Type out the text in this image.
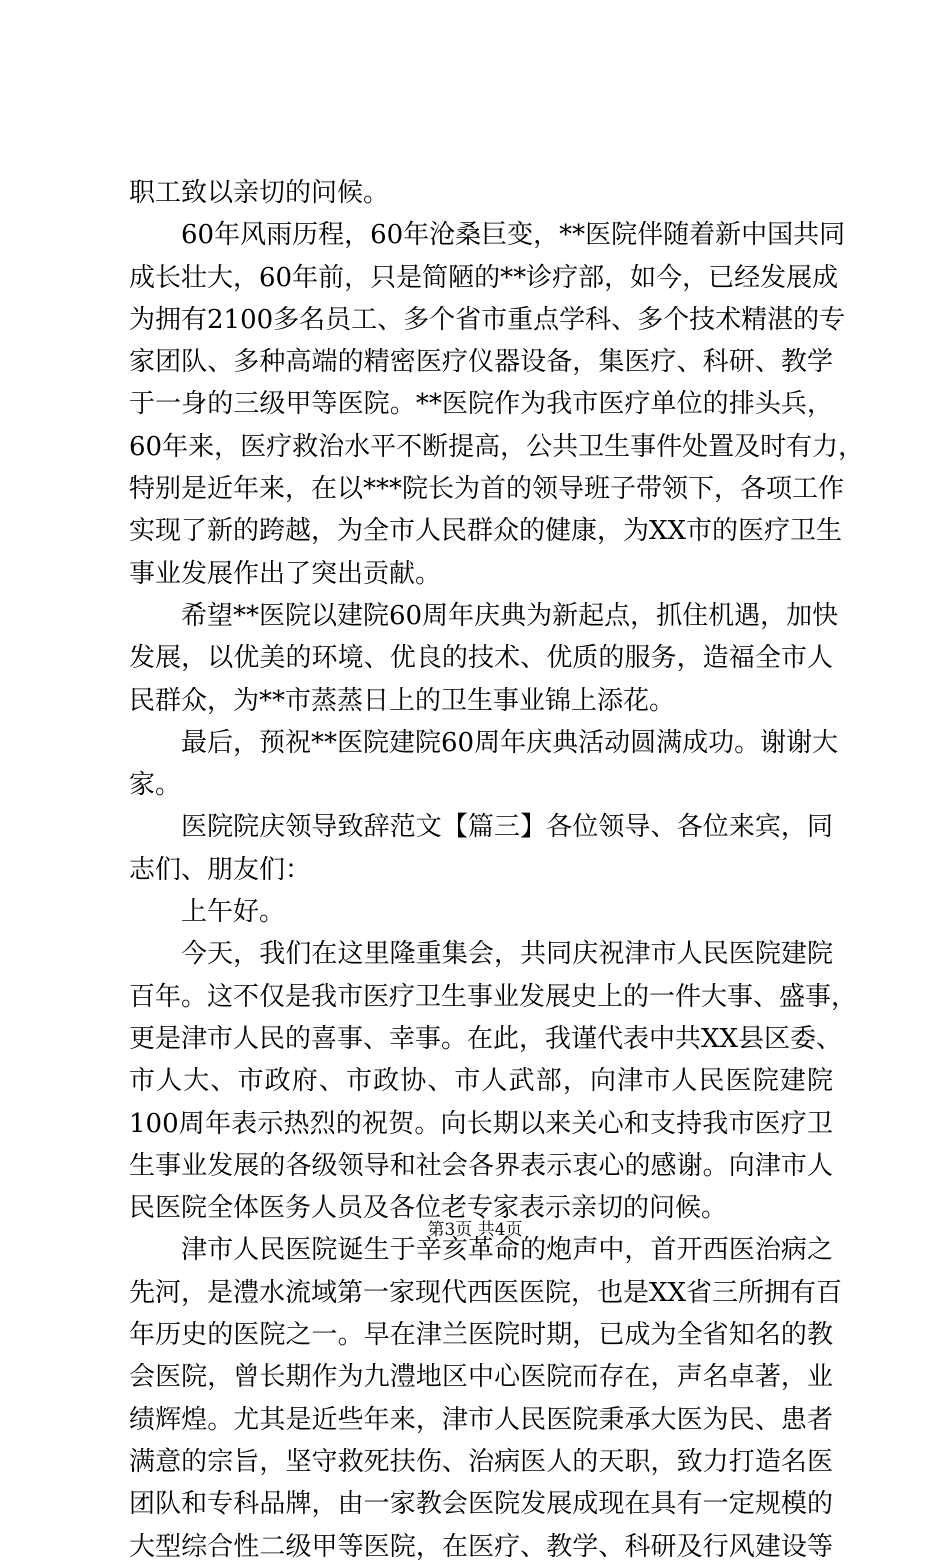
职工致以亲切的问候。
60年风雨历程，60年沧桑巨变，**医院伴随着新中国共同
成长壮大，60年前，只是简陋的**诊疗部，如今，已经发展成
为拥有2100多名员工、多个省市重点学科、多个技术精湛的专
家团队、多种高端的精密医疗仪器设备，集医疗、科研、教学
于一身的三级甲等医院。**医院作为我市医疗单位的排头兵，
60年来，医疗救治水平不断提高，公共卫生事件处置及时有力，
特别是近年来，在以***院长为首的领导班子带领下，各项工作
实现了新的跨越，为全市人民群众的健康，为XX市的医疗卫生
事业发展作出了突出贡献。
希望**医院以建院60周年庆典为新起点，抓住机遇，加快
发展，以优美的环境、优良的技术、优质的服务，造福全市人
民群众，为**市蒸蒸日上的卫生事业锦上添花。
最后，预祝**医院建院60周年庆典活动圆满成功。谢谢大
家。
医院院庆领导致辞范文【篇三】各位领导、各位来宾，同
志们、朋友们：
上午好。
今天，我们在这里隆重集会，共同庆祝津市人民医院建院
百年。这不仅是我市医疗卫生事业发展史上的一件大事、盛事，
更是津市人民的喜事、幸事。在此，我谨代表中共XX县区委、
市人大、市政府、市政协、市人武部，向津市人民医院建院
100周年表示热烈的祝贺。向长期以来关心和支持我市医疗卫
生事业发展的各级领导和社会各界表示衷心的感谢。向津市人
民医院全体医务人员及各位老专家表示亲切的问候。
津市人民医院诞生于辛亥革命的炮声中，首开西医治病之
先河，是澧水流域第一家现代西医医院，也是XX省三所拥有百
年历史的医院之一。早在津兰医院时期，已成为全省知名的教
会医院，曾长期作为九澧地区中心医院而存在，声名卓著，业
绩辉煌。尤其是近些年来，津市人民医院秉承大医为民、患者
满意的宗旨，坚守救死扶伤、治病医人的天职，致力打造名医
团队和专科品牌，由一家教会医院发展成现在具有一定规模的
大型综合性二级甲等医院，在医疗、教学、科研及行风建设等
第3页 共4页
